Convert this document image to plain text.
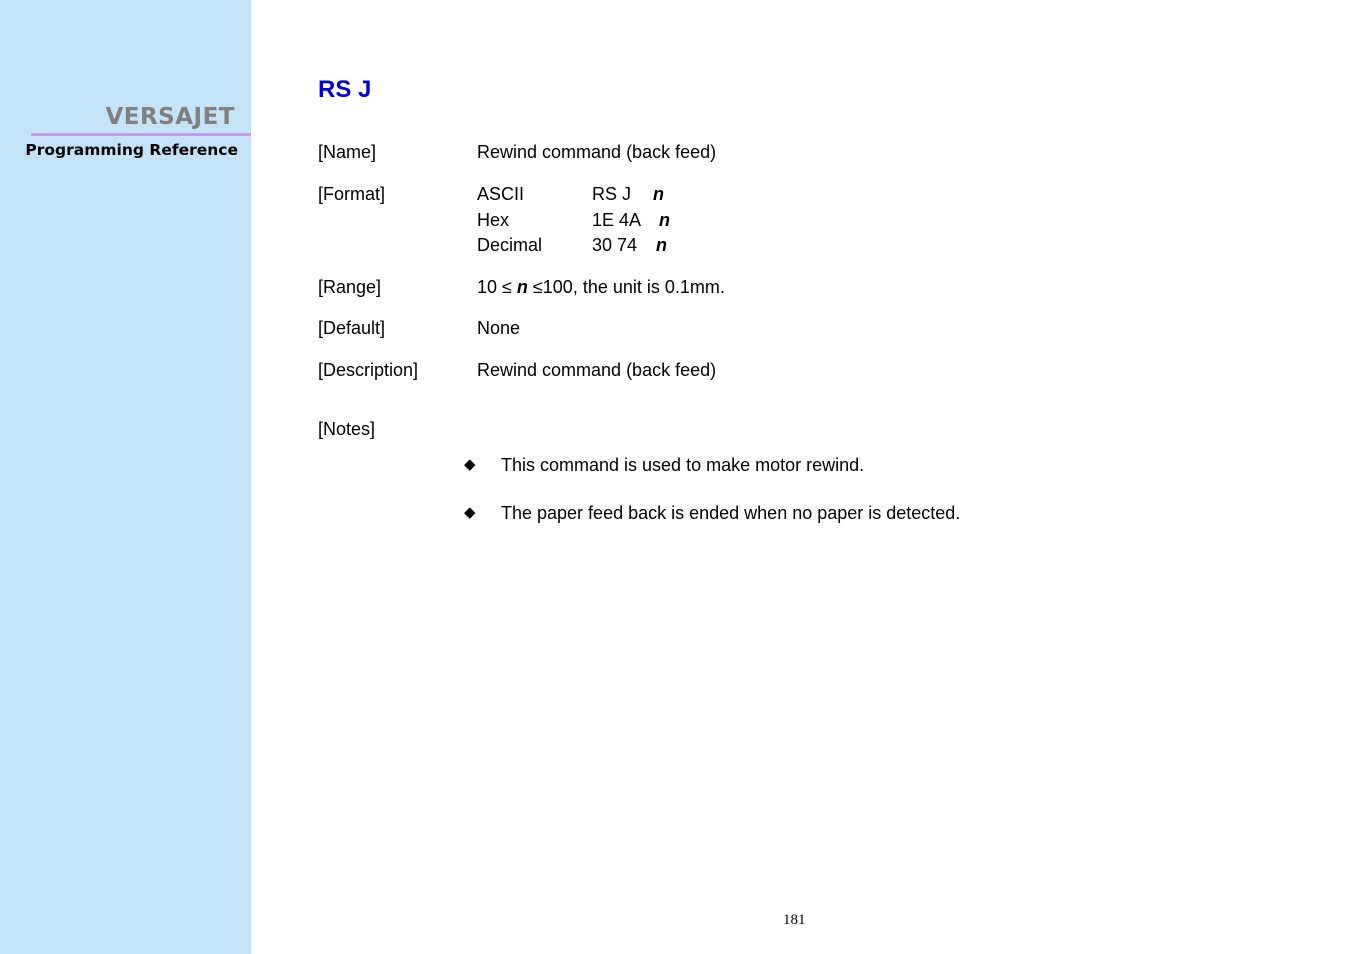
VERSAJET
Programming Reference
RS J
[Name]	Rewind command (back feed)
[Format]	ASCII	RS J n
Hex	1E 4A n
Decimal	30 74 n
[Range]	10 ≤ n ≤100, the unit is 0.1mm.
[Default]	None
[Description]	Rewind command (back feed)
[Notes]
◆ This command is used to make motor rewind.
◆ The paper feed back is ended when no paper is detected.
181
